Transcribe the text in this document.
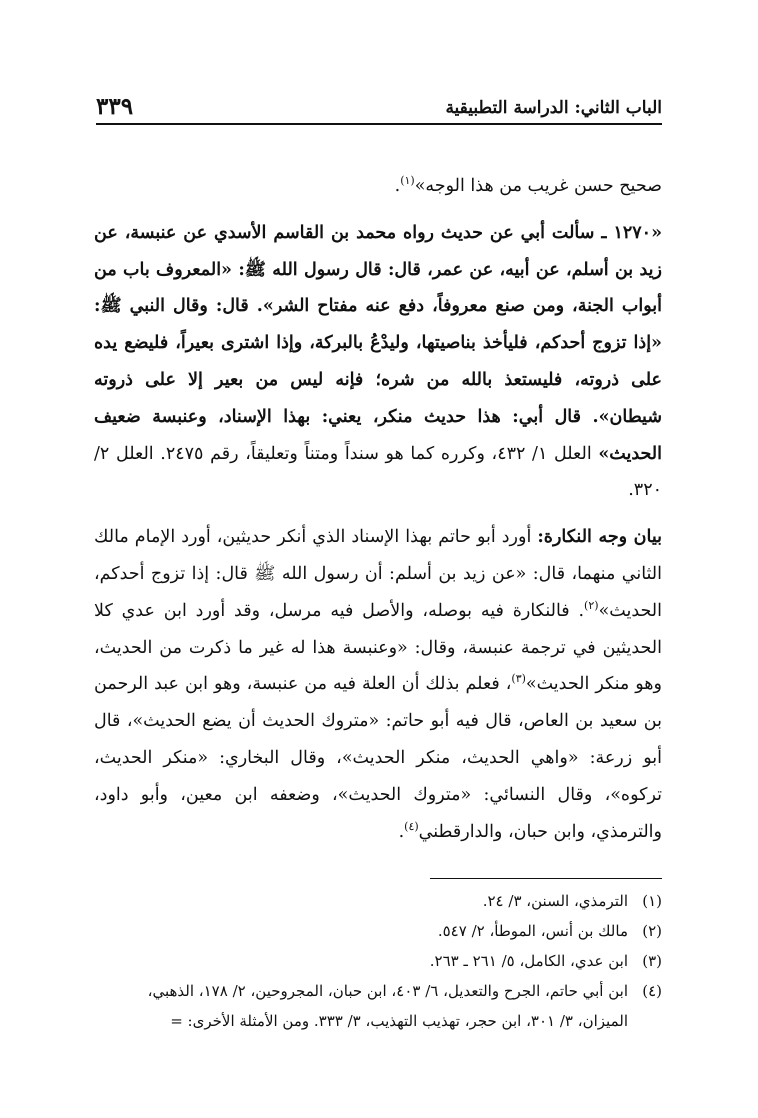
الباب الثاني: الدراسة التطبيقية
٣٣٩

صحيح حسن غريب من هذا الوجه»$^{(١)}$.

«١٢٧٠ ـ سألت أبي عن حديث رواه محمد بن القاسم الأسدي عن عنبسة، عن زيد بن أسلم، عن أبيه، عن عمر، قال: قال رسول الله ﷺ: «المعروف باب من أبواب الجنة، ومن صنع معروفاً، دفع عنه مفتاح الشر». قال: وقال النبي ﷺ: «إذا تزوج أحدكم، فليأخذ بناصيتها، وليدْعُ بالبركة، وإذا اشترى بعيراً، فليضع يده على ذروته، فليستعذ بالله من شره؛ فإنه ليس من بعير إلا على ذروته شيطان». قال أبي: هذا حديث منكر، يعني: بهذا الإسناد، وعنبسة ضعيف الحديث» العلل ١/ ٤٣٢، وكرره كما هو سنداً ومتناً وتعليقاً، رقم ٢٤٧٥. العلل ٢/ ٣٢٠.

بيان وجه النكارة: أورد أبو حاتم بهذا الإسناد الذي أنكر حديثين، أورد الإمام مالك الثاني منهما، قال: «عن زيد بن أسلم: أن رسول الله ﷺ قال: إذا تزوج أحدكم، الحديث»$^{(٢)}$. فالنكارة فيه بوصله، والأصل فيه مرسل، وقد أورد ابن عدي كلا الحديثين في ترجمة عنبسة، وقال: «وعنبسة هذا له غير ما ذكرت من الحديث، وهو منكر الحديث»$^{(٣)}$، فعلم بذلك أن العلة فيه من عنبسة، وهو ابن عبد الرحمن بن سعيد بن العاص، قال فيه أبو حاتم: «متروك الحديث أن يضع الحديث»، قال أبو زرعة: «واهي الحديث، منكر الحديث»، وقال البخاري: «منكر الحديث، تركوه»، وقال النسائي: «متروك الحديث»، وضعفه ابن معين، وأبو داود، والترمذي، وابن حبان، والدارقطني$^{(٤)}$.

(١)
الترمذي، السنن، ٣/ ٢٤.
(٢)
مالك بن أنس، الموطأ، ٢/ ٥٤٧.
(٣)
ابن عدي، الكامل، ٥/ ٢٦١ ـ ٢٦٣.
(٤)
ابن أبي حاتم، الجرح والتعديل، ٦/ ٤٠٣، ابن حبان، المجروحين، ٢/ ١٧٨، الذهبي،
الميزان، ٣/ ٣٠١، ابن حجر، تهذيب التهذيب، ٣/ ٣٣٣. ومن الأمثلة الأخرى: =
